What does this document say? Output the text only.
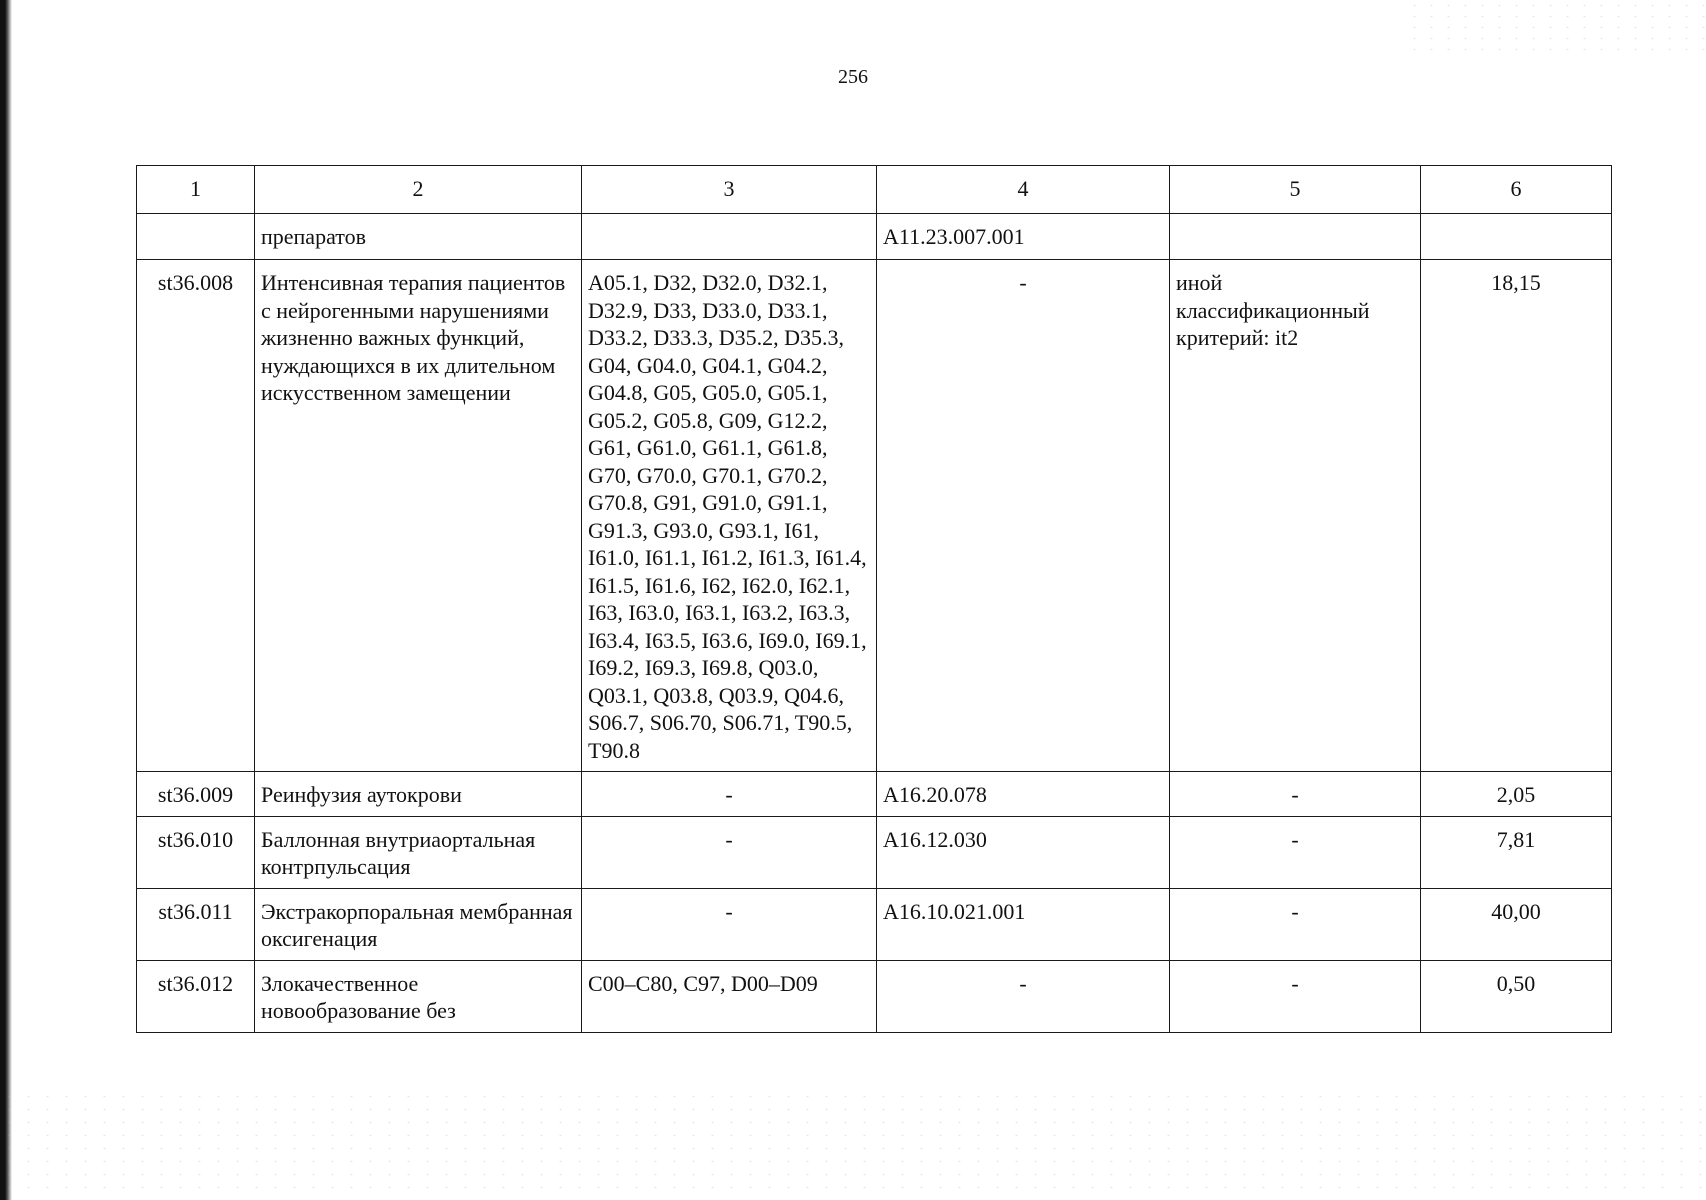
256
1	2	3	4	5	6
	препаратов		A11.23.007.001		
st36.008	Интенсивная терапия пациентов с нейрогенными нарушениями жизненно важных функций, нуждающихся в их длительном искусственном замещении	A05.1, D32, D32.0, D32.1, D32.9, D33, D33.0, D33.1, D33.2, D33.3, D35.2, D35.3, G04, G04.0, G04.1, G04.2, G04.8, G05, G05.0, G05.1, G05.2, G05.8, G09, G12.2, G61, G61.0, G61.1, G61.8, G70, G70.0, G70.1, G70.2, G70.8, G91, G91.0, G91.1, G91.3, G93.0, G93.1, I61, I61.0, I61.1, I61.2, I61.3, I61.4, I61.5, I61.6, I62, I62.0, I62.1, I63, I63.0, I63.1, I63.2, I63.3, I63.4, I63.5, I63.6, I69.0, I69.1, I69.2, I69.3, I69.8, Q03.0, Q03.1, Q03.8, Q03.9, Q04.6, S06.7, S06.70, S06.71, T90.5, T90.8	-	иной классификационный критерий: it2	18,15
st36.009	Реинфузия аутокрови	-	A16.20.078	-	2,05
st36.010	Баллонная внутриаортальная контрпульсация	-	A16.12.030	-	7,81
st36.011	Экстракорпоральная мембранная оксигенация	-	A16.10.021.001	-	40,00
st36.012	Злокачественное новообразование без	C00–C80, C97, D00–D09	-	-	0,50
